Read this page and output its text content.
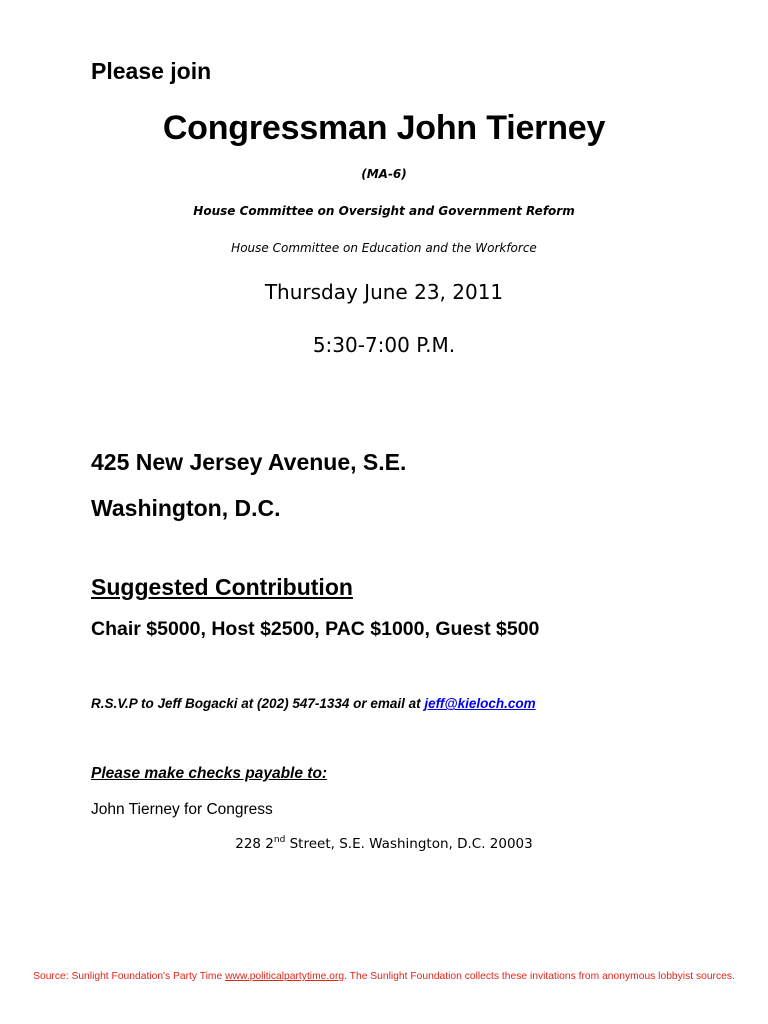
Please join
Congressman John Tierney
(MA-6)
House Committee on Oversight and Government Reform
House Committee on Education and the Workforce
Thursday June 23, 2011
5:30-7:00 P.M.
425 New Jersey Avenue, S.E.
Washington, D.C.
Suggested Contribution
Chair $5000, Host $2500, PAC $1000, Guest $500
R.S.V.P to Jeff Bogacki at (202) 547-1334 or email at jeff@kieloch.com
Please make checks payable to:
John Tierney for Congress
228 2nd Street, S.E. Washington, D.C. 20003
Source: Sunlight Foundation's Party Time www.politicalpartytime.org. The Sunlight Foundation collects these invitations from anonymous lobbyist sources.
